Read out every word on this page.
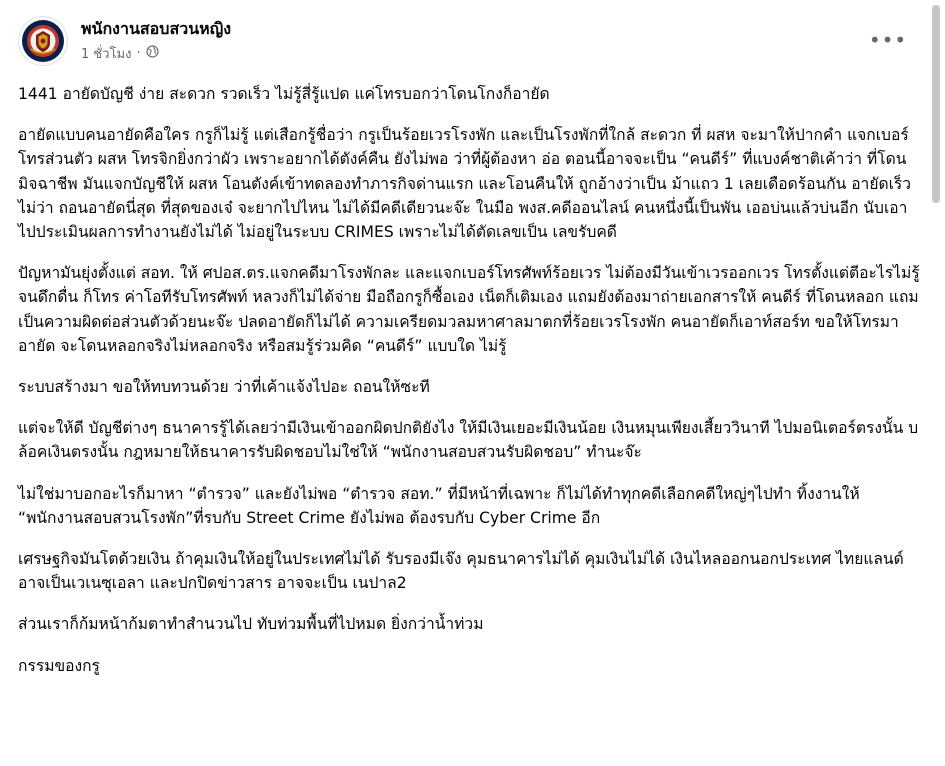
พนักงานสอบสวนหญิง
1 ชั่วโมง ·
•••

1441 อายัดบัญชี ง่าย สะดวก รวดเร็ว ไม่รู้สี่รู้แปด แค่โทรบอกว่าโดนโกงก็อายัด

อายัดแบบคนอายัดคือใคร กรูก็ไม่รู้ แต่เสือกรู้ชื่อว่า กรูเป็นร้อยเวรโรงพัก และเป็นโรงพักที่ใกล้ สะดวก ที่ ผสห จะมาให้ปากคำ แจกเบอร์โทรส่วนตัว ผสห โทรจิกยิ่งกว่าผัว เพราะอยากได้ตังค์คืน ยังไม่พอ ว่าที่ผู้ต้องหา อ่อ ตอนนี้อาจจะเป็น “คนดีร์” ที่แบงค์ชาติเค้าว่า ที่โดน มิจฉาชีพ มันแจกบัญชีให้ ผสห โอนตังค์เข้าทดลองทำภารกิจด่านแรก และโอนคืนให้ ถูกอ้างว่าเป็น ม้าแถว 1 เลยเดือดร้อนกัน อายัดเร็วไม่ว่า ถอนอายัดนี่สุด ที่สุดของเจ๋ จะยากไปไหน ไม่ได้มีคดีเดียวนะจ๊ะ ในมือ พงส.คดีออนไลน์ คนหนึ่งนี้เป็นพัน เออบ่นแล้วบ่นอีก นับเอาไปประเมินผลการทำงานยังไม่ได้ ไม่อยู่ในระบบ CRIMES เพราะไม่ได้ตัดเลขเป็น เลขรับคดี

ปัญหามันยุ่งตั้งแต่ สอท. ให้ ศปอส.ตร.แจกคดีมาโรงพักละ และแจกเบอร์โทรศัพท์ร้อยเวร ไม่ต้องมีวันเข้าเวรออกเวร โทรตั้งแต่ตีอะไรไม่รู้ จนดึกดื่น ก็โทร ค่าโอทีรับโทรศัพท์ หลวงก็ไม่ได้จ่าย มือถือกรูก็ซื้อเอง เน็ตก็เติมเอง แถมยังต้องมาถ่ายเอกสารให้ คนดีร์ ที่โดนหลอก แถมเป็นความผิดต่อส่วนตัวด้วยนะจ๊ะ ปลดอายัดก็ไม่ได้ ความเครียดมวลมหาศาลมาตกที่ร้อยเวรโรงพัก คนอายัดก็เอาท์สอร์ท ขอให้โทรมาอายัด จะโดนหลอกจริงไม่หลอกจริง หรือสมรู้ร่วมคิด “คนดีร์” แบบใด ไม่รู้

ระบบสร้างมา ขอให้ทบทวนด้วย ว่าที่เค้าแจ้งไปอะ ถอนให้ซะที

แต่จะให้ดี บัญชีต่างๆ ธนาคารรู้ได้เลยว่ามีเงินเข้าออกผิดปกติยังไง ให้มีเงินเยอะมีเงินน้อย เงินหมุนเพียงเสี้ยววินาที ไปมอนิเตอร์ตรงนั้น บล้อคเงินตรงนั้น กฎหมายให้ธนาคารรับผิดชอบไม่ใช่ให้ “พนักงานสอบสวนรับผิดชอบ” ทำนะจ๊ะ

ไม่ใช่มาบอกอะไรก็มาหา “ตำรวจ” และยังไม่พอ “ตำรวจ สอท.” ที่มีหน้าที่เฉพาะ ก็ไม่ได้ทำทุกคดีเลือกคดีใหญ่ๆไปทำ ทิ้งงานให้ “พนักงานสอบสวนโรงพัก”ที่รบกับ Street Crime ยังไม่พอ ต้องรบกับ Cyber Crime อีก

เศรษฐกิจมันโตด้วยเงิน ถ้าคุมเงินให้อยู่ในประเทศไม่ได้ รับรองมีเจ๊ง คุมธนาคารไม่ได้ คุมเงินไม่ได้ เงินไหลออกนอกประเทศ ไทยแลนด์ อาจเป็นเวเนซุเอลา และปกปิดข่าวสาร อาจจะเป็น เนปาล2

ส่วนเราก็ก้มหน้าก้มตาทำสำนวนไป ทับท่วมพื้นที่ไปหมด ยิ่งกว่าน้ำท่วม

กรรมของกรู
